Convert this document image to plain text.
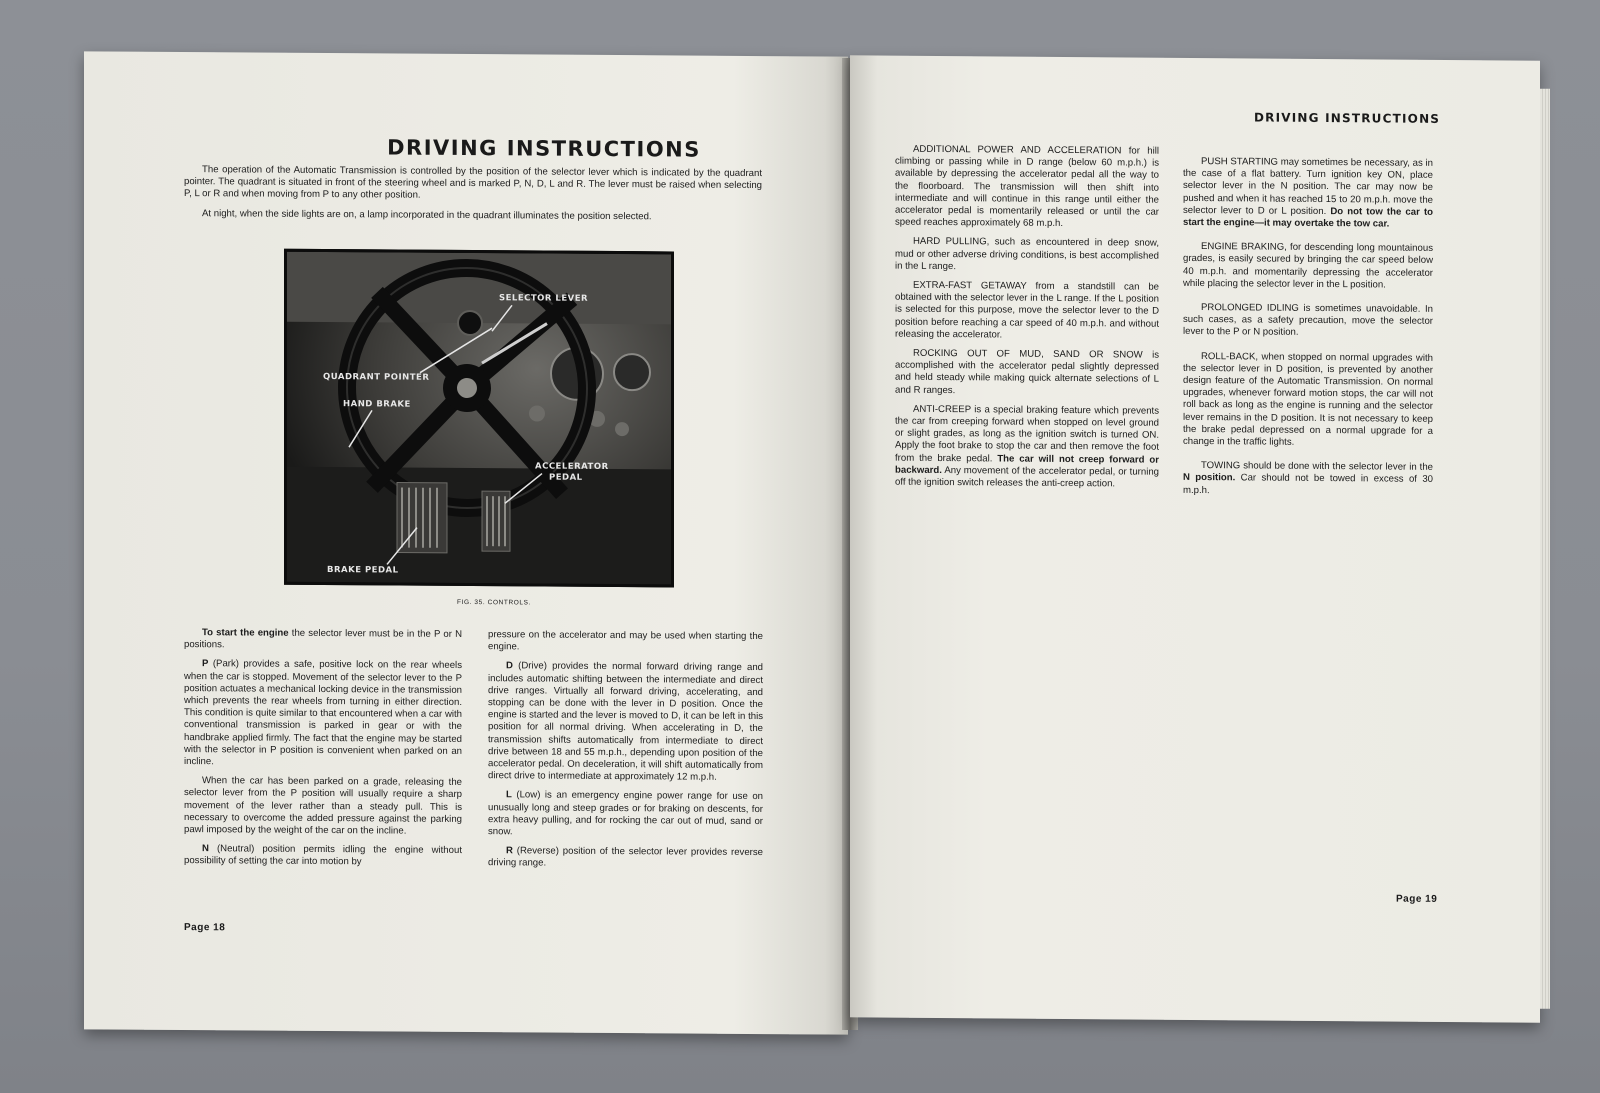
DRIVING INSTRUCTIONS

The operation of the Automatic Transmission is controlled by the position of the selector lever which is indicated by the quadrant pointer. The quadrant is situated in front of the steering wheel and is marked P, N, D, L and R. The lever must be raised when selecting P, L or R and when moving from P to any other position.

At night, when the side lights are on, a lamp incorporated in the quadrant illuminates the position selected.

SELECTOR LEVER
QUADRANT POINTER
HAND BRAKE
ACCELERATOR
PEDAL
BRAKE PEDAL
FIG. 35. CONTROLS.

To start the engine the selector lever must be in the P or N positions.

P (Park) provides a safe, positive lock on the rear wheels when the car is stopped. Movement of the selector lever to the P position actuates a mechanical locking device in the transmission which prevents the rear wheels from turning in either direction. This condition is quite similar to that encountered when a car with conventional transmission is parked in gear or with the handbrake applied firmly. The fact that the engine may be started with the selector in P position is convenient when parked on an incline.

When the car has been parked on a grade, releasing the selector lever from the P position will usually require a sharp movement of the lever rather than a steady pull. This is necessary to overcome the added pressure against the parking pawl imposed by the weight of the car on the incline.

N (Neutral) position permits idling the engine without possibility of setting the car into motion by

pressure on the accelerator and may be used when starting the engine.

D (Drive) provides the normal forward driving range and includes automatic shifting between the intermediate and direct drive ranges. Virtually all forward driving, accelerating, and stopping can be done with the lever in D position. Once the engine is started and the lever is moved to D, it can be left in this position for all normal driving. When accelerating in D, the transmission shifts automatically from intermediate to direct drive between 18 and 55 m.p.h., depending upon position of the accelerator pedal. On deceleration, it will shift automatically from direct drive to intermediate at approximately 12 m.p.h.

L (Low) is an emergency engine power range for use on unusually long and steep grades or for braking on descents, for extra heavy pulling, and for rocking the car out of mud, sand or snow.

R (Reverse) position of the selector lever provides reverse driving range.

Page 18
DRIVING INSTRUCTIONS

ADDITIONAL POWER AND ACCELERATION for hill climbing or passing while in D range (below 60 m.p.h.) is available by depressing the accelerator pedal all the way to the floorboard. The transmission will then shift into intermediate and will continue in this range until either the accelerator pedal is momentarily released or until the car speed reaches approximately 68 m.p.h.

HARD PULLING, such as encountered in deep snow, mud or other adverse driving conditions, is best accomplished in the L range.

EXTRA-FAST GETAWAY from a standstill can be obtained with the selector lever in the L range. If the L position is selected for this purpose, move the selector lever to the D position before reaching a car speed of 40 m.p.h. and without releasing the accelerator.

ROCKING OUT OF MUD, SAND OR SNOW is accomplished with the accelerator pedal slightly depressed and held steady while making quick alternate selections of L and R ranges.

ANTI-CREEP is a special braking feature which prevents the car from creeping forward when stopped on level ground or slight grades, as long as the ignition switch is turned ON. Apply the foot brake to stop the car and then remove the foot from the brake pedal. The car will not creep forward or backward. Any movement of the accelerator pedal, or turning off the ignition switch releases the anti-creep action.

PUSH STARTING may sometimes be necessary, as in the case of a flat battery. Turn ignition key ON, place selector lever in the N position. The car may now be pushed and when it has reached 15 to 20 m.p.h. move the selector lever to D or L position. Do not tow the car to start the engine—it may overtake the tow car.

ENGINE BRAKING, for descending long mountainous grades, is easily secured by bringing the car speed below 40 m.p.h. and momentarily depressing the accelerator while placing the selector lever in the L position.

PROLONGED IDLING is sometimes unavoidable. In such cases, as a safety precaution, move the selector lever to the P or N position.

ROLL-BACK, when stopped on normal upgrades with the selector lever in D position, is prevented by another design feature of the Automatic Transmission. On normal upgrades, whenever forward motion stops, the car will not roll back as long as the engine is running and the selector lever remains in the D position. It is not necessary to keep the brake pedal depressed on a normal upgrade for a change in the traffic lights.

TOWING should be done with the selector lever in the N position. Car should not be towed in excess of 30 m.p.h.

Page 19
